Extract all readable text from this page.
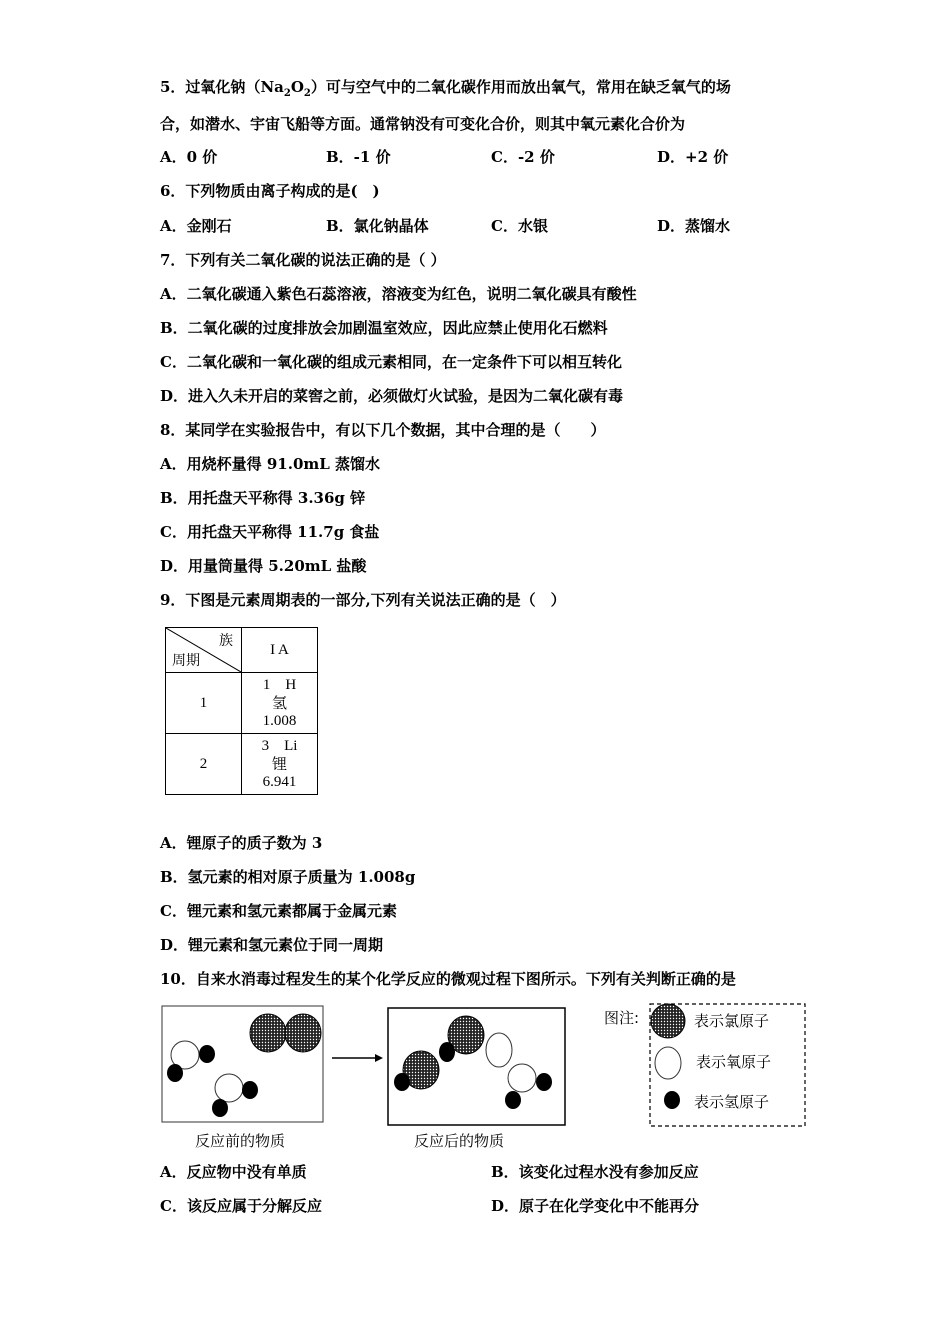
5．过氧化钠$(Na_2O_2)$可与空气中的二氧化碳作用而放出氧气，常用在缺乏氧气的场
合，如潜水、宇宙飞船等方面。通常钠没有可变化合价，则其中氧元素化合价为
A．0 价	B．-1 价	C．-2 价	D．+2 价
6．下列物质由离子构成的是(　)
A．金刚石	B．氯化钠晶体	C．水银	D．蒸馏水
7．下列有关二氧化碳的说法正确的是（ ）
A．二氧化碳通入紫色石蕊溶液，溶液变为红色，说明二氧化碳具有酸性
B．二氧化碳的过度排放会加剧温室效应，因此应禁止使用化石燃料
C．二氧化碳和一氧化碳的组成元素相同，在一定条件下可以相互转化
D．进入久未开启的菜窖之前，必须做灯火试验，是因为二氧化碳有毒
8．某同学在实验报告中，有以下几个数据，其中合理的是（　　）
A．用烧杯量得 91.0mL 蒸馏水
B．用托盘天平称得 3.36g 锌
C．用托盘天平称得 11.7g 食盐
D．用量筒量得 5.20mL 盐酸
9．下图是元素周期表的一部分,下列有关说法正确的是（　）
族
周期	I A
1	1　H
氢
1.008

2	3　Li
锂
6.941
A．锂原子的质子数为 3
B．氢元素的相对原子质量为 1.008g
C．锂元素和氢元素都属于金属元素
D．锂元素和氢元素位于同一周期
10．自来水消毒过程发生的某个化学反应的微观过程下图所示。下列有关判断正确的是
反应前的物质	反应后的物质
图注:	表示氯原子
表示氧原子
表示氢原子
A．反应物中没有单质	B．该变化过程水没有参加反应
C．该反应属于分解反应	D．原子在化学变化中不能再分
